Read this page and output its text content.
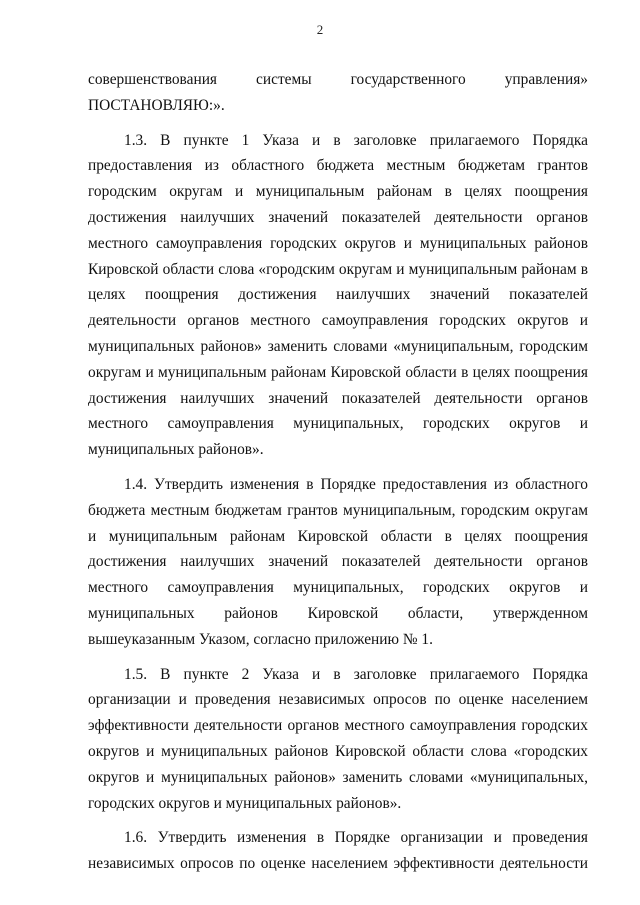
2

совершенствования системы государственного управления»

ПОСТАНОВЛЯЮ:».

1.3. В пункте 1 Указа и в заголовке прилагаемого Порядка предоставления из областного бюджета местным бюджетам грантов городским округам и муниципальным районам в целях поощрения достижения наилучших значений показателей деятельности органов местного самоуправления городских округов и муниципальных районов Кировской области слова «городским округам и муниципальным районам в целях поощрения достижения наилучших значений показателей деятельности органов местного самоуправления городских округов и муниципальных районов» заменить словами «муниципальным, городским округам и муниципальным районам Кировской области в целях поощрения достижения наилучших значений показателей деятельности органов местного самоуправления муниципальных, городских округов и муниципальных районов».

1.4. Утвердить изменения в Порядке предоставления из областного бюджета местным бюджетам грантов муниципальным, городским округам и муниципальным районам Кировской области в целях поощрения достижения наилучших значений показателей деятельности органов местного самоуправления муниципальных, городских округов и муниципальных районов Кировской области, утвержденном вышеуказанным Указом, согласно приложению № 1.

1.5. В пункте 2 Указа и в заголовке прилагаемого Порядка организации и проведения независимых опросов по оценке населением эффективности деятельности органов местного самоуправления городских округов и муниципальных районов Кировской области слова «городских округов и муниципальных районов» заменить словами «муниципальных, городских округов и муниципальных районов».

1.6. Утвердить изменения в Порядке организации и проведения независимых опросов по оценке населением эффективности деятельности
